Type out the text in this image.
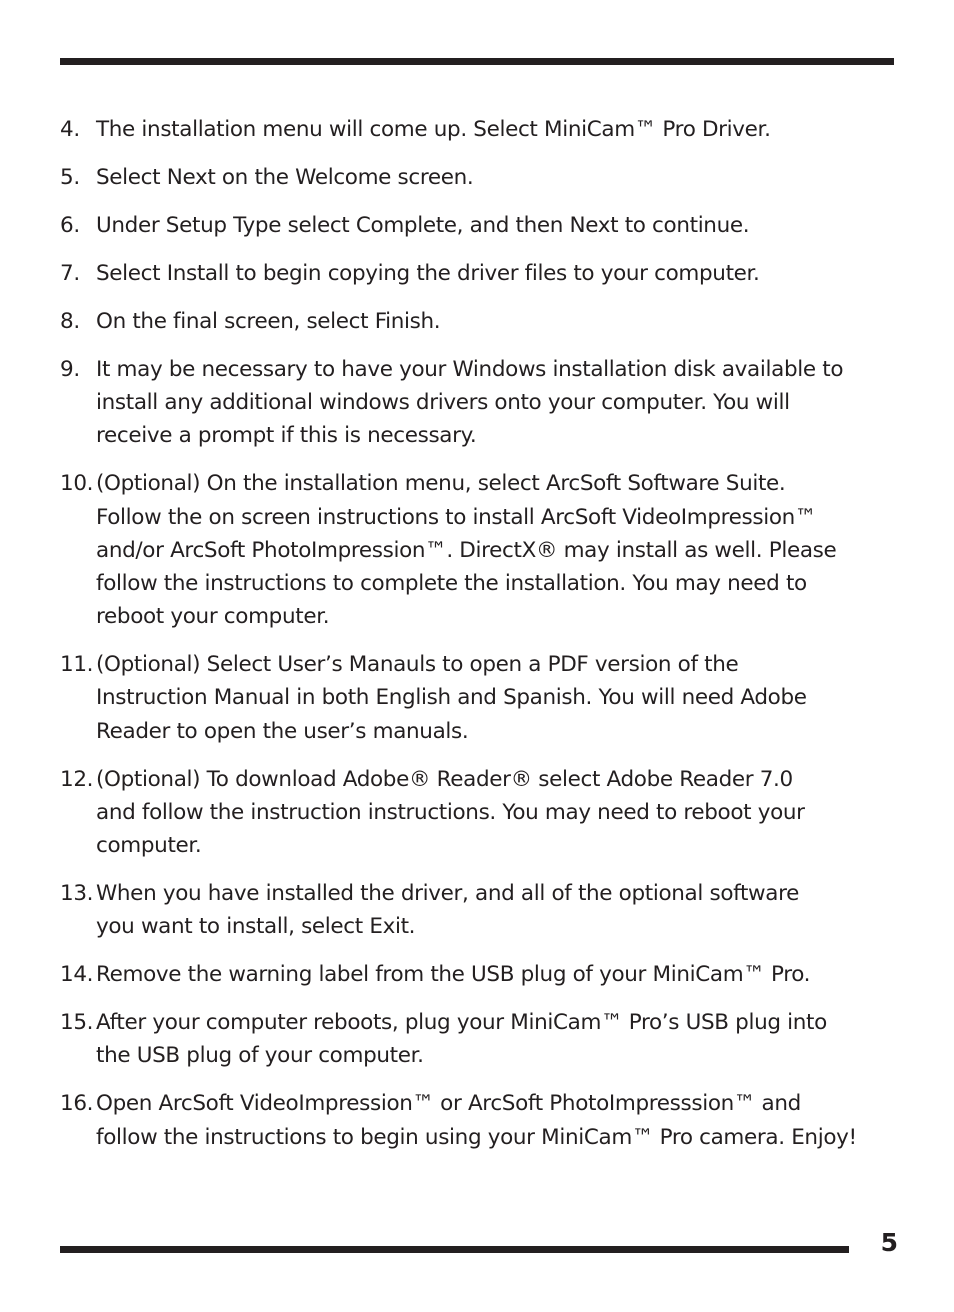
4. The installation menu will come up. Select MiniCam™ Pro Driver.
5. Select Next on the Welcome screen.
6. Under Setup Type select Complete, and then Next to continue.
7. Select Install to begin copying the driver files to your computer.
8. On the final screen, select Finish.
9. It may be necessary to have your Windows installation disk available to
install any additional windows drivers onto your computer. You will
receive a prompt if this is necessary.
10. (Optional) On the installation menu, select ArcSoft Software Suite.
Follow the on screen instructions to install ArcSoft VideoImpression™
and/or ArcSoft PhotoImpression™. DirectX® may install as well. Please
follow the instructions to complete the installation. You may need to
reboot your computer.
11. (Optional) Select User’s Manauls to open a PDF version of the
Instruction Manual in both English and Spanish. You will need Adobe
Reader to open the user’s manuals.
12. (Optional) To download Adobe® Reader® select Adobe Reader 7.0
and follow the instruction instructions. You may need to reboot your
computer.
13. When you have installed the driver, and all of the optional software
you want to install, select Exit.
14. Remove the warning label from the USB plug of your MiniCam™ Pro.
15. After your computer reboots, plug your MiniCam™ Pro’s USB plug into
the USB plug of your computer.
16. Open ArcSoft VideoImpression™ or ArcSoft PhotoImpresssion™ and
follow the instructions to begin using your MiniCam™ Pro camera. Enjoy!
5
